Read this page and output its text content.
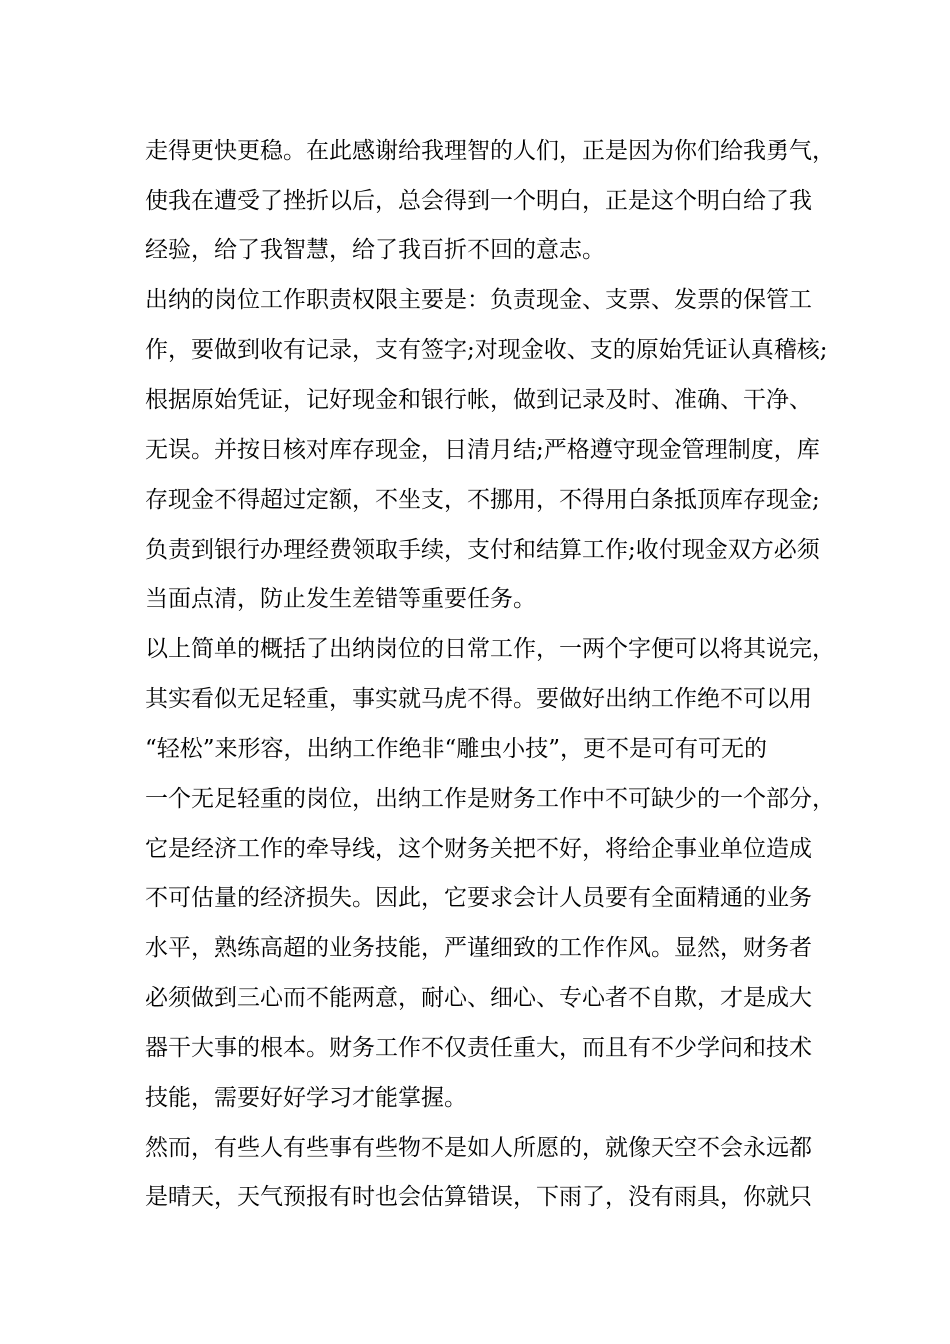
走得更快更稳。在此感谢给我理智的人们，正是因为你们给我勇气，
使我在遭受了挫折以后，总会得到一个明白，正是这个明白给了我
经验，给了我智慧，给了我百折不回的意志。
出纳的岗位工作职责权限主要是：负责现金、支票、发票的保管工
作，要做到收有记录，支有签字;对现金收、支的原始凭证认真稽核;
根据原始凭证，记好现金和银行帐，做到记录及时、准确、干净、
无误。并按日核对库存现金，日清月结;严格遵守现金管理制度，库
存现金不得超过定额，不坐支，不挪用，不得用白条抵顶库存现金;
负责到银行办理经费领取手续，支付和结算工作;收付现金双方必须
当面点清，防止发生差错等重要任务。
以上简单的概括了出纳岗位的日常工作，一两个字便可以将其说完，
其实看似无足轻重，事实就马虎不得。要做好出纳工作绝不可以用
“轻松”来形容，出纳工作绝非“雕虫小技”，更不是可有可无的
一个无足轻重的岗位，出纳工作是财务工作中不可缺少的一个部分，
它是经济工作的牵导线，这个财务关把不好，将给企事业单位造成
不可估量的经济损失。因此，它要求会计人员要有全面精通的业务
水平，熟练高超的业务技能，严谨细致的工作作风。显然，财务者
必须做到三心而不能两意，耐心、细心、专心者不自欺，才是成大
器干大事的根本。财务工作不仅责任重大，而且有不少学问和技术
技能，需要好好学习才能掌握。
然而，有些人有些事有些物不是如人所愿的，就像天空不会永远都
是晴天，天气预报有时也会估算错误，下雨了，没有雨具，你就只
